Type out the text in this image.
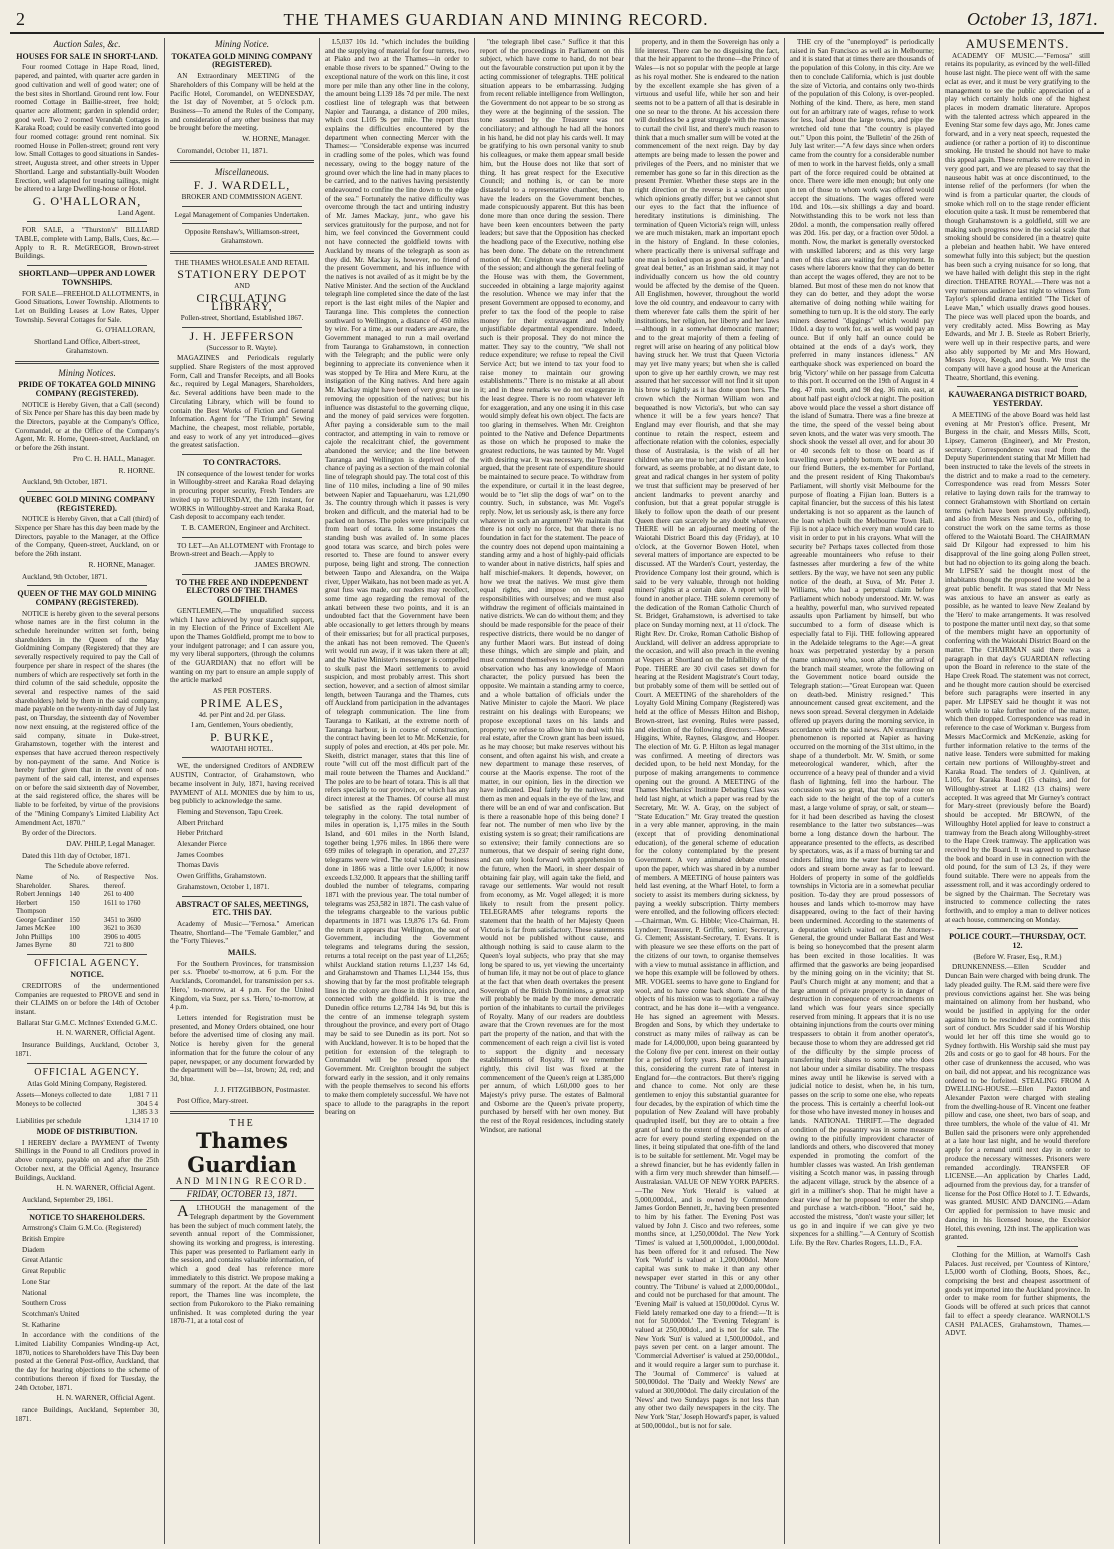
2	THE THAMES GUARDIAN AND MINING RECORD.	October 13, 1871.
Auction Sales, &c.
HOUSES FOR SALE IN SHORT-LAND.

Four roomed Cottage in Hape Road, lined, papered, and painted, with quarter acre garden in good cultivation and well of good water; one of the best sites in Shortland. Ground rent low. Four roomed Cottage in Baillie-street, free hold; quarter acre allotment; garden in splendid order; good well. Two 2 roomed Verandah Cottages in Karaka Road; could be easily converted into good four roomed cottage: ground rent nominal. Six roomed House in Pollen-street; ground rent very low. Small Cottages to good situations in Sandes-street, Augusta street, and other streets in Upper Shortland. Large and substantially-built Wooden Erection, well adapted for treating tailings, might be altered to a large Dwelling-house or Hotel.

G. O'HALLORAN,
Land Agent.

FOR SALE, a "Thurston's" BILLIARD TABLE, complete with Lamp, Balls, Cues, &c.—Apply to R. R. McGREGOR, Brown-street Buildings.

SHORTLAND—UPPER AND LOWER TOWNSHIPS.

FOR SALE—FREEHOLD ALLOTMENTS, in Good Situations, Lower Township. Allotments to Let on Building Leases at Low Rates, Upper Township. Several Cottages for Sale.

G. O'HALLORAN,

Shortland Land Office, Albert-street, Grahamstown.

Mining Notices.
PRIDE OF TOKATEA GOLD MINING COMPANY (REGISTERED).

NOTICE is Hereby Given, that a Call (second) of Six Pence per Share has this day been made by the Directors, payable at the Company's Office, Coromandel, or at the Office of the Company's Agent, Mr. R. Horne, Queen-street, Auckland, on or before the 26th instant.

Pro C. H. HALL, Manager.
R. HORNE.

Auckland, 9th October, 1871.

QUEBEC GOLD MINING COMPANY (REGISTERED).

NOTICE is Hereby Given, that a Call (third) of Sixpence per Share has this day been made by the Directors, payable to the Manager, at the Office of the Company, Queen-street, Auckland, on or before the 26th instant.

R. HORNE, Manager.

Auckland, 9th October, 1871.

QUEEN OF THE MAY GOLD MINING COMPANY (REGISTERED).

NOTICE is hereby given to the several persons whose names are in the first column in the schedule hereinunder written set forth, being shareholders in the Queen of the May Goldmining Company (Registered) that they are severally respectively required to pay the Call of fourpence per share in respect of the shares (the numbers of which are respectively set forth in the third column of the said schedule, opposite the several and respective names of the said shareholders) held by them in the said company, made payable on the twenty-ninth day of July last past, on Thursday, the sixteenth day of November now next ensuing, at the registered office of the said company, situate in Duke-street, Grahamstown, together with the interest and expenses that have accrued thereon respectively by non-payment of the same. And Notice is hereby further given that in the event of non-payment of the said call, interest, and expenses on or before the said sixteenth day of November, at the said registered office, the shares will be liable to be forfeited, by virtue of the provisions of the "Mining Company's Limited Liability Act Amendment Act, 1870."

By order of the Directors.

DAV. PHILP, Legal Manager.

Dated this 11th day of October, 1871.

The Schedule above referred.

Name of Shareholder.	No. of Shares.	Respective Nos. thereof.
Robert Jennings	140	261 to 400
Herbert Thompson	150	1611 to 1760
George Gardiner	150	3451 to 3600
James McKee	100	3621 to 3630
John Phillips	100	3906 to 4005
James Byrne	80	721 to 800
OFFICIAL AGENCY.
NOTICE.

CREDITORS of the undermentioned Companies are requested to PROVE and send in their CLAIMS on or before the 14th of October instant.

Ballarat Star G.M.C. McInnes' Extended G.M.C.

H. N. WARNER, Official Agent.

Insurance Buildings, Auckland, October 3, 1871.

OFFICIAL AGENCY.

Atlas Gold Mining Company, Registered.

Assets—Moneys collected to date	1,081 7 11
Moneys to be collected	304 5 4
	1,385 3 3
Liabilities per schedule	1,314 17 10
MODE OF DISTRIBUTION.

I HEREBY declare a PAYMENT of Twenty Shillings in the Pound to all Creditors proved in above company, payable on and after the 25th October next, at the Official Agency, Insurance Buildings, Auckland.

H. N. WARNER, Official Agent.

Auckland, September 29, 1861.

NOTICE TO SHAREHOLDERS.

Armstrong's Claim G.M.Co. (Registered)

British Empire

Diadem

Great Atlantic

Great Republic

Lone Star

National

Southern Cross

Scotchman's United

St. Katharine

In accordance with the conditions of the Limited Liability Companies Winding-up Act, 1870, notices to Shareholders have This Day been posted at the General Post-office, Auckland, that the day for hearing objections to the scheme of contributions thereon if fixed for Tuesday, the 24th October, 1871.

H. N. WARNER, Official Agent.

rance Buildings, Auckland, September 30, 1871.

Mining Notice.
TOKATEA GOLD MINING COMPANY (REGISTERED).

AN Extraordinary MEETING of the Shareholders of this Company will be held at the Pacific Hotel, Coromandel, on WEDNESDAY, the 1st day of November, at 5 o'clock p.m. Business—To amend the Rules of the Company, and consideration of any other business that may be brought before the meeting.

W. HORNE, Manager.

Coromandel, October 11, 1871.

Miscellaneous.
F. J. WARDELL,

BROKER AND COMMISSION AGENT.

Legal Management of Companies Undertaken.

Opposite Renshaw's, Williamson-street, Grahamstown.

THE THAMES WHOLESALE AND RETAIL

STATIONERY DEPOT

AND

CIRCULATING LIBRARY,

Pollen-street, Shortland, Established 1867.

J. H. JEFFERSON

(Successor to R. Wayte).

MAGAZINES and Periodicals regularly supplied. Share Registers of the most approved Form, Call and Transfer Receipts, and all Books &c., required by Legal Managers, Shareholders, &c. Several additions have been made to the Circulating Library, which will be found to contain the Best Works of Fiction and General Information. Agent for "The Triumph" Sewing Machine, the cheapest, most reliable, portable, and easy to work of any yet introduced—gives the greatest satisfaction.

TO CONTRACTORS.

IN consequence of the lowest tender for works in Willoughby-street and Karaka Road delaying in procuring proper security, Fresh Tenders are invited up to THURSDAY, the 12th instant, for WORKS in Willoughby-street and Karaka Road, Cash deposit to accompany each tender.

T. B. CAMERON, Engineer and Architect.

TO LET—An ALLOTMENT with Frontage to Brown-street and Beach.—Apply to

JAMES BROWN.
TO THE FREE AND INDEPENDENT ELECTORS OF THE THAMES GOLDFIELD.

GENTLEMEN,—The unqualified success which I have achieved by your staunch support, in my Election of the Prince of Excellent Ale upon the Thames Goldfield, prompt me to bow to your indulgent patronage; and I can assure you, my very liberal supporters, (through the columns of the GUARDIAN) that no effort will be wanting on my part to ensure an ample supply of the article marked

AS PER POSTERS.

PRIME ALES,

4d. per Pint and 2d. per Glass.

I am, Gentlemen, Yours obediently,

P. BURKE,

WAIOTAHI HOTEL.

WE, the undersigned Creditors of ANDREW AUSTIN, Contractor, of Grahamstown, who became insolvent in July, 1871, having received PAYMENT of ALL MONIES due by him to us, beg publicly to acknowledge the same.

Fleming and Stevenson, Tapu Creek.

Albert Pritchard

Heber Pritchard

Alexander Pierce

James Coombes

Thomas Davis

Owen Griffiths, Grahamstown.

Grahamstown, October 1, 1871.

ABSTRACT OF SALES, MEETINGS, ETC. THIS DAY.

Academy of Music—"Fernosa." American Theatre, Shortland—The "Female Gambler," and the "Forty Thieves."

MAILS.

For the Southern Provinces, for transmission per s.s. 'Phoebe' to-morrow, at 6 p.m. For the Aucklands, Coromandel, for transmission per s.s. 'Hero,' to-morrow, at 4 p.m. For the United Kingdom, via Suez, per s.s. 'Hero,' to-morrow, at 4 p.m.

Letters intended for Registration must be presented, and Money Orders obtained, one hour before the advertised time of closing any mail. Notice is hereby given for the general information that for the future the colour of any paper, newspaper, or any document forwarded by the department will be—1st, brown; 2d, red; and 3d, blue.

J. J. FITZGIBBON, Postmaster.

Post Office, Mary-street.

THE
Thames Guardian
AND MINING RECORD.
FRIDAY, OCTOBER 13, 1871.

ALTHOUGH the management of the Telegraph department by the Government has been the subject of much comment lately, the seventh annual report of the Commissioner, showing its working and progress, is interesting. This paper was presented to Parliament early in the session, and contains valuable information, of which a good deal has reference more immediately to this district. We propose making a summary of the report. At the date of the last report, the Thames line was incomplete, the section from Pukorokoro to the Piako remaining unfinished. It was completed during the year 1870-71, at a total cost of

L5,037 10s 1d. "which includes the building and the supplying of material for four turrets, two at Piako and two at the Thames—in order to enable those rivers to be spanned." Owing to the exceptional nature of the work on this line, it cost more per mile than any other line in the colony, the amount being L139 18s 7d per mile. The next costliest line of telegraph was that between Napier and Tauranga, a distance of 200 miles, which cost L105 9s per mile. The report thus explains the difficulties encountered by the department when connecting Mercer with the Thames:— "Considerable expense was incurred in cradling some of the poles, which was found necessary, owing to the boggy nature of the ground over which the line had in many places to be carried, and to the natives having persistently endeavoured to confine the line down to the edge of the sea." Fortunately the native difficulty was overcome through the tact and untiring industry of Mr. James Mackay, junr., who gave his services gratuitously for the purpose, and not for him, we feel convinced the Government could not have connected the goldfield towns with Auckland by means of the telegraph as soon as they did. Mr. Mackay is, however, no friend of the present Government, and his influence with the natives is not availed of as it might be by the Native Minister. And the section of the Auckland telegraph line completed since the date of the last report is the last eight miles of the Napier and Tauranga line. This completes the connection southward to Wellington, a distance of 450 miles by wire. For a time, as our readers are aware, the Government managed to run a mail overland from Tauranga to Grahamstown, in connection with the Telegraph; and the public were only beginning to appreciate its convenience when it was stopped by Te Hira and Mere Kuru, at the instigation of the King natives. And here again Mr. Mackay might have been of very great use in removing the opposition of the natives; but his influence was distasteful to the governing clique, and the money of paid services were forgotten. After paying a considerable sum to the mail contractor, and attempting in vain to remove or cajole the recalcitrant chief, the government abandoned the service; and the line between Tauranga and Wellington is deprived of the chance of paying as a section of the main colonial line of telegraph should pay. The total cost of this line of 110 miles, including a line of 90 miles between Napier and Tapuaeharuru, was L21,090 3s. The country through which it passes is very broken and difficult, and the material had to be packed on horses. The poles were principally cut from heart of totara. In some instances the standing bush was availed of. In some places good totara was scarce, and birch poles were resorted to. These are found to answer every purpose, being light and strong. The connection between Taupo and Alexandra, on the Waipa river, Upper Waikato, has not been made as yet. A great fuss was made, our readers may recollect, some time ago regarding the removal of the ankati between these two points, and it is an undoubted fact that the Government have been able occasionally to get letters through by means of their emissaries; but for all practical purposes, the ankati has not been removed. The Queen's writ would run away, if it was taken there at all; and the Native Minister's messenger is compelled to skulk past the Maori settlements to avoid suspicion, and most probably arrest. This short section, however, and a section of almost similar length, between Tauranga and the Thames, cuts off Auckland from participation in the advantages of telegraph communication. The line from Tauranga to Katikati, at the extreme north of Tauranga harbour, is in course of construction, the contract having been let to Mr. McKenzie, for supply of poles and erection, at 40s per pole. Mr. Skeith, district manager, states that this line of route "will cut off the most difficult part of the mail route between the Thames and Auckland." The poles are to be heart of totara. This is all that refers specially to our province, or which has any direct interest at the Thames. Of course all must be satisfied as the rapid development of telegraphy in the colony. The total number of miles in operation is, 1,175 miles in the South Island, and 601 miles in the North Island, together being 1,976 miles. In 1866 there were 699 miles of telegraph in operation, and 27,237 telegrams were wired. The total value of business done in 1866 was a little over L6,000; it now exceeds L32,000. It appears that the shilling tariff doubled the number of telegrams, comparing 1871 with the previous year. The total number of telegrams was 253,582 in 1871. The cash value of the telegrams chargeable to the various public departments in 1871 was L9,876 17s 6d. From the return it appears that Wellington, the seat of Government, including the Government telegrams and telegrams during the session, returns a total receipt on the past year of L1,265; whilst Auckland station returns L1,237 14s 6d, and Grahamstown and Thames L1,344 15s, thus showing that by far the most profitable telegraph lines in the colony are those in this province, and connected with the goldfield. It is true the Dunedin office returns L2,784 14s 9d, but this is the centre of an immense telegraph system throughout the province, and every port of Otago may be said to see Dunedin as its port. Not so with Auckland, however. It is to be hoped that the petition for extension of the telegraph to Coromandel will be pressed upon the Government. Mr. Creighton brought the subject forward early in the session, and it only remains with the people themselves to second his efforts to make them completely successful. We have not space to allude to the paragraphs in the report bearing on

"the telegraph libel case." Suffice it that this report of the proceedings in Parliament on this subject, which have come to hand, do not bear out the favourable construction put upon it by the acting commissioner of telegraphs. THE political situation appears to be embarrassing. Judging from recent reliable intelligence from Wellington, the Government do not appear to be so strong as they were at the beginning of the session. The tone assumed by the Treasurer was not conciliatory; and although he had all the honors in his hand, he did not play his cards well. It may be gratifying to his own personal vanity to snub his colleagues, or make them appear small beside him, but the House does not like that sort of thing. It has great respect for the Executive Council; and nothing is, or can be more distasteful to a representative chamber, than to have the leaders on the Government benches, made conspicuously apparent. But this has been done more than once during the session. There have been keen encounters between the party leaders; but save that the Opposition has checked the headlong pace of the Executive, nothing else has been done. The debate on the retrenchment motion of Mr. Creighton was the first real battle of the session; and although the general feeling of the House was with them, the Government, succeeded in obtaining a large majority against the resolution. Whence we may infer that the present Government are opposed to economy, and prefer to tax the food of the people to raise money for their extravagant and wholly unjustifiable departmental expenditure. Indeed, such is their proposal. They do not mince the matter. They say to the country, "We shall not reduce expenditure; we refuse to repeal the Civil Service Act; but we intend to tax your food to raise money to maintain our growing establishments." There is no mistake at all about it; and in these remarks we do not exaggerate in the least degree. There is no room whatever left for exaggeration, and any one using it in this case would simply defeat his own object. The facts are too glaring in themselves. When Mr. Creighton pointed to the Native and Defence Departments as those on which he proposed to make the greatest reductions, he was taunted by Mr. Vogel with desiring war. It was necessary, the Treasurer argued, that the present rate of expenditure should be maintained to secure peace. To withdraw from the expenditure, or curtail it in the least degree, would be to "let slip the dogs of war" on to the country. Such, in substance, was Mr. Vogel's reply. Now, let us seriously ask, is there any force whatever in such an argument? We maintain that there is not only no force, but that there is no foundation in fact for the statement. The peace of the country does not depend upon maintaining a standing army and a host of highly-paid officials to wander about in native districts, half spies and half mischief-makers. It depends, however, on how we treat the natives. We must give them equal rights, and impose on them equal responsibilities with ourselves; and we must also withdraw the regiment of officials maintained in native districts. We can do without them; and they should be made responsible for the peace of their respective districts, there would be no danger of any further Maori wars. But instead of doing these things, which are simple and plain, and must commend themselves to anyone of common observation who has any knowledge of Maori character, the policy pursued has been the opposite. We maintain a standing army to coerce, and a whole battalion of officials under the Native Minister to cajole the Maori. We place restraint on his dealings with Europeans; we propose exceptional taxes on his lands and property; we refuse to allow him to deal with his real estate, after the Crown grant has been issued, as he may choose; but make reserves without his consent, and often against his wish, and create a new department to manage these reserves, of course at the Maoris expense. The root of the matter, in our opinion, lies in the direction we have indicated. Deal fairly by the natives; treat them as men and equals in the eye of the law, and there will be an end of war and confiscation. But is there a reasonable hope of this being done? I fear not. The number of men who live by the existing system is so great; their ramifications are so extensive; their family connections are so numerous, that we despair of seeing right done, and can only look forward with apprehension to the future, when the Maori, in sheer despair of obtaining fair play, will again take the field, and ravage our settlements. War would not result from economy, as Mr. Vogel alleged; it is more likely to result from the present policy. TELEGRAMS after telegrams reports the statement that the health of her Majesty Queen Victoria is far from satisfactory. These statements would not be published without cause, and although nothing is said to cause alarm to the Queen's loyal subjects, who pray that she may long be spared to us, yet viewing the uncertainty of human life, it may not be out of place to glance at the fact that when death overtakes the present Sovereign of the British Dominions, a great step will probably be made by the more democratic portion of the inhabitants to curtail the privileges of Royalty. Many of our readers are doubtless aware that the Crown revenues are for the most part the property of the nation, and that with the commencement of each reign a civil list is voted to support the dignity and necessary establishments of Royalty. If we remember rightly, this civil list was fixed at the commencement of the Queen's reign at L385,000 per annum, of which L60,000 goes to her Majesty's privy purse. The estates of Balmoral and Osborne are the Queen's private property, purchased by herself with her own money. But the rest of the Royal residences, including stately Windsor, are national

property, and in them the Sovereign has only a life interest. There can be no disguising the fact, that the heir apparent to the throne—the Prince of Wales—is not so popular with the people at large as his royal mother. She is endeared to the nation by the excellent example she has given of a virtuous and useful life, while her son and heir seems not to be a pattern of all that is desirable in one so near to the throne. At his accession there will doubtless be a great struggle with the masses to curtail the civil list, and there's much reason to think that a much smaller sum will be voted at the commencement of the next reign. Day by day attempts are being made to lessen the power and privileges of the Peers, and no minister that we remember has gone so far in this direction as the present Premier. Whether these steps are in the right direction or the reverse is a subject upon which opinions greatly differ; but we cannot shut our eyes to the fact that the influence of hereditary institutions is diminishing. The termination of Queen Victoria's reign will, unless we are much mistaken, mark an important epoch in the history of England. In these colonies, where practically there is universal suffrage and one man is looked upon as good as another "and a great deal better," as an Irishman said, it may not individually concern us how the old country would be affected by the demise of the Queen. All Englishmen, however, throughout the world love the old country, and endeavour to carry with them wherever fate calls them the spirit of her institutions, her religion, her liberty and her laws—although in a somewhat democratic manner; and to the great majority of them a feeling of regret will arise on hearing of any political blow having struck her. We trust that Queen Victoria may yet live many years; but when she is called upon to give up her earthly crown, we may rest assured that her successor will not find it sit upon his brow so lightly as it has done upon hers. The crown which the Norman William won and bequeathed is now Victoria's, but who can say whence it will be a few years hence? That England may ever flourish, and that she may continue to retain the respect, esteem and affectionate relation with the colonies, especially those of Australasia, is the wish of all her children who are true to her; and if we are to look forward, as seems probable, at no distant date, to great and radical changes in her system of polity we trust that sufficient may be preserved of her ancient landmarks to prevent anarchy and confusion, but that a great popular struggle is likely to follow upon the death of our present Queen there can scarcely be any doubt whatever. THERE will be an adjourned meeting of the Waiotahi District Board this day (Friday), at 10 o'clock, at the Governor Bowen Hotel, when several matters of importance are expected to be discussed. AT the Warden's Court, yesterday, the Providence Company lost their ground, which is said to be very valuable, through not holding miners' rights at a certain date. A report will be found in another place. THE solemn ceremony of the dedication of the Roman Catholic Church of St. Bridget, Grahamstown, is advertised to take place on Sunday morning next, at 11 o'clock. The Right Rev. Dr. Croke, Roman Catholic Bishop of Auckland, will deliver an address appropriate to the occasion, and will also preach in the evening at Vespers at Shortland on the Infallibility of the Pope. THERE are 30 civil cases set down for hearing at the Resident Magistrate's Court today, but probably some of them will be settled out of Court. A MEETING of the shareholders of the Loyalty Gold Mining Company (Registered) was held at the office of Messrs Hilton and Bishop, Brown-street, last evening. Rules were passed, and election of the following directors:—Messrs Higgins, White, Raynes, Glasgow, and Hooper. The election of Mr. G. P. Hilton as legal manager was confirmed. A meeting of directors was decided upon, to be held next Monday, for the purpose of making arrangements to commence opening out the ground. A MEETING of the Thames Mechanics' Institute Debating Class was held last night, at which a paper was read by the Secretary, Mr. W. A. Gray, on the subject of "State Education." Mr. Gray treated the question in a very able manner, approving, in the main (except that of providing denominational education), of the general scheme of education for the colony contemplated by the present Government. A very animated debate ensued upon the paper, which was shared in by a number of members. A MEETING of house painters was held last evening, at the Wharf Hotel, to form a society to assist its members during sickness, by paying a weekly subscription. Thirty members were enrolled, and the following officers elected:—Chairman, Wm. G. Hibble; Vice-Chairman, H. Lyndoer; Treasurer, P. Griffin, senior; Secretary, G. Clement; Assistant-Secretary, T. Evans. It is with pleasure we see these efforts on the part of the citizens of our town, to organise themselves with a view to mutual assistance in affliction, and we hope this example will be followed by others. MR. VOGEL seems to have gone to England for wool, and to have come back shorn. One of the objects of his mission was to negotiate a railway contract, and he has done it—with a vengeance. He has signed an agreement with Messrs. Brogden and Sons, by which they undertake to construct as many miles of railway as can be made for L4,000,000, upon being guaranteed by the Colony five per cent. interest on their outlay for a period of forty years. But a hard bargain this, considering the current rate of interest in England for—the contractors. But there's rigging and chance to come. Not only are these gentlemen to enjoy this substantial guarantee for four decades, by the expiration of which time the population of New Zealand will have probably quadrupled itself, but they are to obtain a free grant of land to the extent of three-quarters of an acre for every pound sterling expended on the lines, it being stipulated that one-fifth of the land is to be suitable for settlement. Mr. Vogel may be a shrewd financier, but he has evidently fallen in with a firm very much shrewder than himself.—Australasian. VALUE OF NEW YORK PAPERS.—The New York 'Herald' is valued at 5,000,000dol., and is owned by Commodore James Gordon Bennett, Jr., having been presented to him by his father. The Evening Post was valued by John J. Cisco and two referees, some months since, at 1,250,000dol. The New York 'Times' is valued at 1,500,000dol., 1,000,000dol. has been offered for it and refused. The New York 'World' is valued at 1,200,000dol. More capital was sunk to make it than any other newspaper ever started in this or any other country. The 'Tribune' is valued at 2,000,000dol., and could not be purchased for that amount. The 'Evening Mail' is valued at 150,000dol. Cyrus W. Field lately remarked one day to a friend:—'It is not for 50,000dol.' The 'Evening Telegram' is valued at 250,000dol., and is not for sale. The New York 'Sun' is valued at 1,500,000dol., and pays seven per cent. on a larger amount. The 'Commercial Advertiser' is valued at 250,000dol., and it would require a larger sum to purchase it. The 'Journal of Commerce' is valued at 500,000dol. The 'Daily and Weekly News' are valued at 300,000dol. The daily circulation of the 'News' and two Sundays pages is not less than any other two daily newspapers in the city. The New York 'Star,' Joseph Howard's paper, is valued at 500,000dol., but is not for sale.

THE cry of the "unemployed" is periodically raised in San Francisco as well as in Melbourne; and it is stated that at times there are thousands of the population of this Colony, in this city. Are we then to conclude California, which is just double the size of Victoria, and contains only two-thirds of the population of this Colony, is over-peopled. Nothing of the kind. There, as here, men stand out for an arbitrary rate of wages, refuse to work for less, loaf about the large towns, and pipe the wretched old tune that "the country is played out." Upon this point, the 'Bulletin' of the 26th of July last writer:—"A few days since when orders came from the country for a considerable number of men to work in the harvest fields, only a small part of the force required could be obtained at once. There were idle men enough; but only one in ten of those to whom work was offered would accept the situations. The wages offered were 10d. and 10s.—six shillings a day and board. Notwithstanding this to be work not less than 20dol. a month, the compensation really offered was 20d. 16s. per day, or a fraction over 50dol. a month. Now, the market is generally overstocked with unskilled laborers; and as this very large men of this class are waiting for employment. In cases where laborers know that they can do better than accept the wages offered, they are not to be blamed. But most of these men do not know that they can do better, and they adopt the worse alternative of doing nothing while waiting for something to turn up. It is the old story. The early miners deserted "diggings" which would pay 10dol. a day to work for, as well as would pay an ounce. But if only half an ounce could be obtained at the ends of a day's work, they preferred in many instances idleness." AN earthquake shock was experienced on board the brig 'Victory' while on her passage from Calcutta to this port. It occurred on the 19th of August in 4 deg. 47 min. south, and 98 deg. 36 min. east, at about half past eight o'clock at night. The position above would place the vessel a short distance off the island of Sumatra. There was a fine breeze at the time, the speed of the vessel being about seven knots, and the water was very smooth. The shock shook the vessel all over, and for about 30 or 40 seconds felt to those on board as if travelling over a pebbly bottom. WE are told that our friend Butters, the ex-member for Portland, and the present resident of King Thakombau's Parliament, will shortly visit Melbourne for the purpose of floating a Fijian loan. Butters is a capital financier, but the success of this his latest undertaking is not so apparent as the launch of the loan which built the Melbourne Town Hall. Fiji is not a place which every man would care to visit in order to put in his crayons. What will the security be? Perhaps taxes collected from those agreeable mountaineers who refuse to their fastnesses after murdering a few of the white settlers. By the way, we have not seen any public notice of the death, at Suva, of Mr. Peter J. Williams, who had a perpetual claim before Parliament which nobody understood. Mr. W. was a healthy, powerful man, who survived repeated assaults upon Parliament by himself, but who succumbed to a form of disease which is especially fatal to Fiji. THE following appeared in the Adelaide telegrams to the Age:—A great hoax was perpetrated yesterday by a person (name unknown) who, soon after the arrival of the branch mail steamer, wrote the following on the Government notice board outside the Telegraph station:—"Great European war. Queen on death-bed. Ministry resigned." This announcement caused great excitement, and the news soon spread. Several clergymen in Adelaide offered up prayers during the morning service, in accordance with the said news. AN extraordinary phenomenon is reported at Napier as having occurred on the morning of the 31st ultimo, in the shape of a thunderbolt. Mr. W. Smith, or some meteorological wanderer, which, after the occurrence of a heavy peal of thunder and a vivid flash of lightning, fell into the harbour. The concussion was so great, that the water rose on each side to the height of the top of a cutter's mast, a large volume of spray, or salt, or steam—for it had been described as having the closest resemblance to the latter two substances—was borne a long distance down the harbour. The appearance presented to the effects, as described by spectators, was, as if a mass of burning tar and cinders falling into the water had produced the odors and steam borne away as far to leeward. Holders of property in some of the goldfields townships in Victoria are in a somewhat peculiar position. To-day they are proud possessors of houses and lands which to-morrow may have disappeared, owing to the fact of their having been undermined. According to the statements of a deputation which waited on the Attorney-General, the ground under Ballarat East and West is being so honeycombed that the present alarm has been excited in those localities. It was affirmed that the gasworks are being jeopardised by the mining going on in the vicinity; that St. Paul's Church might at any moment; and that a large amount of private property is in danger of destruction in consequence of encroachments on land which was four years since specially reserved from mining. It appears that it is no use obtaining injunctions from the courts over mining trespassers to obtain it from another operator's, because those to whom they are addressed get rid of the difficulty by the simple process of transferring their shares to some one who does not labour under a similar disability. The trespass mines away until he likewise is served with a judicial notice to desist, when he, in his turn, passes on the scrip to some one else, who repeats the process. This is certainly a cheerful look-out for those who have invested money in houses and lands. NATIONAL THRIFT.—The degraded condition of the peasantry was in some measure owing to the pitifully improvident character of landlords and others, who discovered that money expended in promoting the comfort of the humbler classes was wasted. An Irish gentleman visiting a Scotch manor was, in passing through the adjacent village, struck by the absence of a girl in a milliner's shop. That he might have a clear view of her he proposed to enter the shop and purchase a watch-ribbon. "Hoot," said he, accosted the mistress, "don't waste your siller; let us go in and inquire if we can give ye two sixpences for a shilling."—A Century of Scottish Life. By the Rev. Charles Rogers, LL.D., F.A.

AMUSEMENTS.

ACADEMY OF MUSIC.—"Fernosa" still retains its popularity, as evinced by the well-filled house last night. The piece went off with the same eclat as ever, and it must be very gratifying to the management to see the public appreciation of a play which certainly holds one of the highest places in modern dramatic literature. Apropos with the talented actress which appeared in the Evening Star some few days ago, Mr. Jones came forward, and in a very neat speech, requested the audience (or rather a portion of it) to discontinue smoking. He trusted he should not have to make this appeal again. These remarks were received in very good part, and we are pleased to say that the nauseous habit was at once discontinued, to the intense relief of the performers (for when the wind is from a particular quarter, the clouds of smoke which roll on to the stage render efficient elocution quite a task. It must be remembered that though Grahamstown is a goldfield, still we are making such progress now in the social scale that smoking should be considered (in a theatre) quite a plebeian and heathen habit. We have entered somewhat fully into this subject; but the question has been such a crying nuisance for so long, that we have hailed with delight this step in the right direction. THEATRE ROYAL.—There was not a very numerous audience last night to witness Tom Taylor's splendid drama entitled "The Ticket of Leave Man," which usually draws good houses. The piece was well placed upon the boards, and very creditably acted. Miss Bowring as May Edwards, and Mr J. B. Steele as Robert Brierly, were well up in their respective parts, and were also ably supported by Mr and Mrs Howard, Messrs Joyce, Keogh, and South. We trust the company will have a good house at the American Theatre, Shortland, this evening.

KAUWAERANGA DISTRICT BOARD, YESTERDAY.

A MEETING of the above Board was held last evening at Mr Preston's office. Present, Mr Burgess in the chair, and Messrs Mills, Scott, Lipsey, Cameron (Engineer), and Mr Preston, secretary. Correspondence was read from the Deputy Superintendent stating that Mr Millett had been instructed to take the levels of the streets in the district and to make a road to the cemetery. Correspondence was read from Messrs Soter relative to laying down rails for the tramway to connect Grahamstown with Shortland on certain terms (which have been previously published), and also from Messrs Ness and Co., offering to construct the work on the same terms as those offered to the Waiotahi Board. The CHAIRMAN said Dr Kilgour had expressed to him his disapproval of the line going along Pollen street, but had no objection to its going along the beach. Mr LIPSEY said he thought most of the inhabitants thought the proposed line would be a great public benefit. It was stated that Mr Ness was anxious to have an answer as early as possible, as he wanted to leave New Zealand by the 'Hero' to make arrangements. It was resolved to postpone the matter until next day, so that some of the members might have an opportunity of conferring with the Waiotahi District Board on the matter. The CHAIRMAN said there was a paragraph in that day's GUARDIAN reflecting upon the Board in reference to the state of the Hape Creek Road. The statement was not correct, and he thought more caution should be exercised before such paragraphs were inserted in any paper. Mr LIPSEY said he thought it was not worth while to take further notice of the matter, which then dropped. Correspondence was read in reference to the case of Workman v. Burgess from Messrs MacCormick and McKenzie, asking for further information relative to the terms of the native lease. Tenders were submitted for making certain new portions of Willoughby-street and Karaka Road. The tenders of J. Quinliven, at L105, for Karaka Road (15 chains), and for Willoughby-street at L182 (13 chains) were accepted. It was agreed that Mr Gurney's contract for Mary-street (previously before the Board) should be accepted. Mr BROWN, of the Willoughby Hotel applied for leave to construct a tramway from the Beach along Willoughby-street to the Hape Creek tramway. The application was received by the Board. It was agreed to purchase the book and board in use in connection with the old pound, for the sum of L3 2s, if they were found suitable. There were no appeals from the assessment roll, and it was accordingly ordered to be signed by the Chairman. The Secretary was instructed to commence collecting the rates forthwith, and to employ a man to deliver notices at each house, commencing on Monday.

POLICE COURT.—THURSDAY, OCT. 12.

(Before W. Fraser, Esq., R.M.)

DRUNKENNESS.—Ellen Scudder and Duncan Bain were charged with being drunk. The lady pleaded guilty. The R.M. said there were five previous convictions against her. She was being maintained on alimony from her husband, who would be justified in applying for the order against him to be rescinded if she continued this sort of conduct. Mrs Scudder said if his Worship would let her off this time she would go to Sydney forthwith. His Worship said she must pay 20s and costs or go to gaol for 48 hours. For the other case of drunkenness the accused, who was on bail, did not appear, and his recognizance was ordered to be forfeited. STEALING FROM A DWELLING-HOUSE.—Ellen Paxton and Alexander Paxton were charged with stealing from the dwelling-house of R. Vincent one feather pillow and case, one sheet, two bars of soap, and three tumblers, the whole of the value of 41. Mr Bullen said the prisoners were only apprehended at a late hour last night, and he would therefore apply for a remand until next day in order to produce the necessary witnesses. Prisoners were remanded accordingly. TRANSFER OF LICENSE.—An application by Charles Ladd, adjourned from the previous day, for a transfer of license for the Post Office Hotel to J. T. Edwards, was granted. MUSIC AND DANCING.—Adam Orr applied for permission to have music and dancing in his licensed house, the Excelsior Hotel, this evening, 12th inst. The application was granted.

Clothing for the Million, at Warnoll's Cash Palaces. Just received, per 'Countess of Kintore,' L5,000 worth of Clothing, Boots, Shoes, &c., comprising the best and cheapest assortment of goods yet imported into the Auckland province. In order to make room for further shipments, the Goods will be offered at such prices that cannot fail to effect a speedy clearance. WARNOLL'S CASH PALACES, Grahamstown, Thames.—ADVT.
